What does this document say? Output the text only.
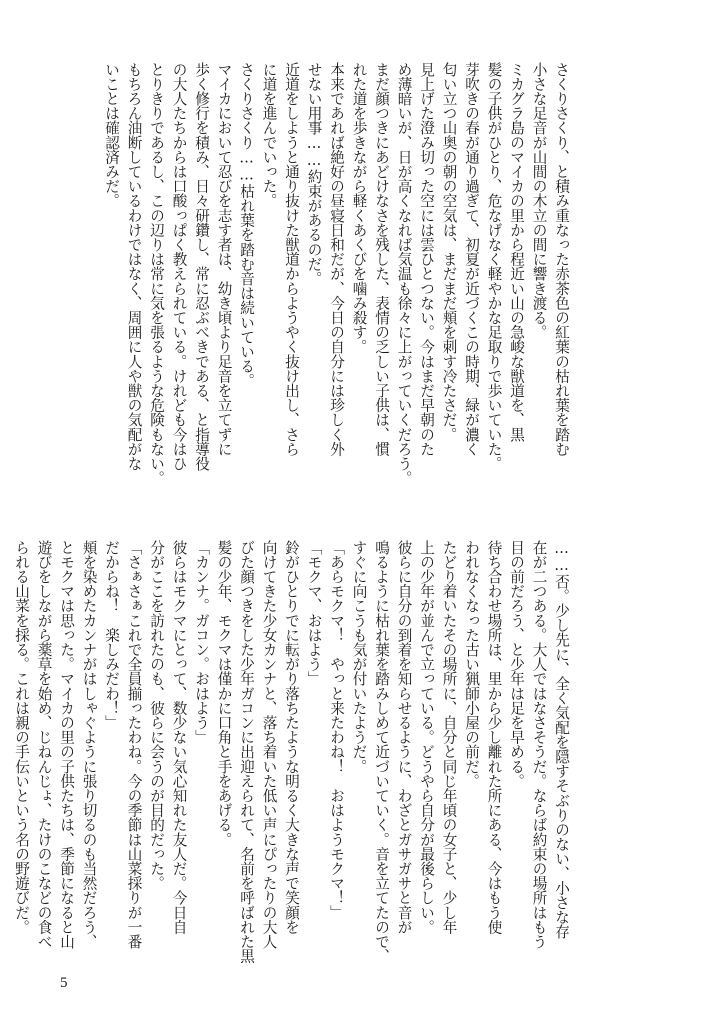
さくりさくり、と積み重なった赤茶色の紅葉の枯れ葉を踏む

小さな足音が山間の木立の間に響き渡る。

ミカグラ島のマイカの里から程近い山の急峻な獣道を、黒

髪の子供がひとり、危なげなく軽やかな足取りで歩いていた。

芽吹きの春が通り過ぎて、初夏が近づくこの時期、緑が濃く

匂い立つ山奥の朝の空気は、まだまだ頬を刺す冷たさだ。

見上げた澄み切った空には雲ひとつない。今はまだ早朝のた

め薄暗いが、日が高くなれば気温も徐々に上がっていくだろう。

まだ顔つきにあどけなさを残した、表情の乏しい子供は、慣

れた道を歩きながら軽くあくびを噛み殺す。

本来であれば絶好の昼寝日和だが、今日の自分には珍しく外

せない用事……約束があるのだ。

近道をしようと通り抜けた獣道からようやく抜け出し、さら

に道を進んでいった。

さくりさくり……枯れ葉を踏む音は続いている。

マイカにおいて忍びを志す者は、幼き頃より足音を立てずに

歩く修行を積み、日々研鑽し、常に忍ぶべきである、と指導役

の大人たちからは口酸っぱく教えられている。けれども今はひ

とりきりであるし、この辺りは常に気を張るような危険もない。

もちろん油断しているわけではなく、周囲に人や獣の気配がな

いことは確認済みだ。

……否。少し先に、全く気配を隠すそぶりのない、小さな存

在が二つある。大人ではなさそうだ。ならば約束の場所はもう

目の前だろう、と少年は足を早める。

待ち合わせ場所は、里から少し離れた所にある、今はもう使

われなくなった古い猟師小屋の前だ。

たどり着いたその場所に、自分と同じ年頃の女子と、少し年

上の少年が並んで立っている。どうやら自分が最後らしい。

彼らに自分の到着を知らせるように、わざとガサガサと音が

鳴るように枯れ葉を踏みしめて近づいていく。音を立てたので、

すぐに向こうも気が付いたようだ。

「あらモクマ！　やっと来たわね！　おはようモクマ！」

「モクマ、おはよう」

鈴がひとりでに転がり落ちたような明るく大きな声で笑顔を

向けてきた少女カンナと、落ち着いた低い声にぴったりの大人

びた顔つきをした少年ガコンに出迎えられて、名前を呼ばれた黒

髪の少年、モクマは僅かに口角と手をあげる。

「カンナ。ガコン。おはよう」

彼らはモクマにとって、数少ない気心知れた友人だ。今日自

分がここを訪れたのも、彼らに会うのが目的だった。

「さぁさぁこれで全員揃ったわね。今の季節は山菜採りが一番

だからね！　楽しみだわ！」

頬を染めたカンナがはしゃぐように張り切るのも当然だろう、

とモクマは思った。マイカの里の子供たちは、季節になると山

遊びをしながら薬草を始め、じねんじょ、たけのこなどの食べ

られる山菜を採る。これは親の手伝いという名の野遊びだ。

5
